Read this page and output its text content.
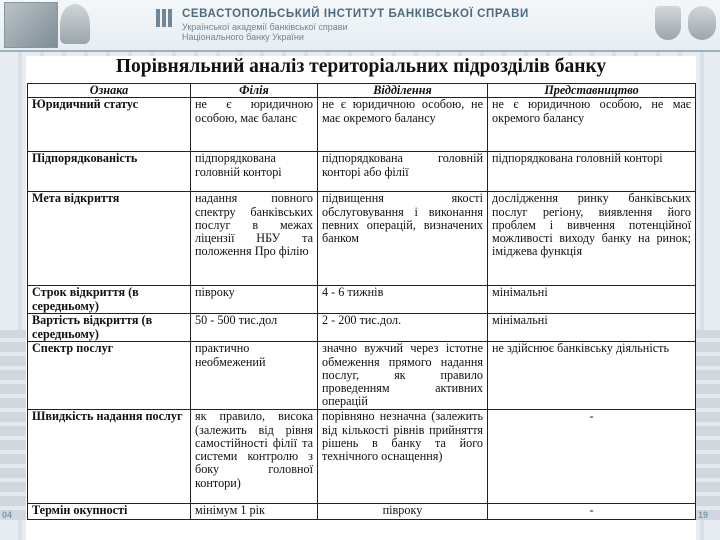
СЕВАСТОПОЛЬСЬКИЙ ІНСТИТУТ БАНКІВСЬКОЇ СПРАВИ
Української академії банківської справи
Національного банку України
Порівняльний аналіз територіальних підрозділів банку
Ознака	Філія	Відділення	Представництво
Юридичний статус	не є юридичною особою, має баланс	не є юридичною особою, не має окремого балансу	не є юридичною особою, не має окремого балансу
Підпорядкованість	підпорядкована головній конторі	підпорядкована головній конторі або філії	підпорядкована головній конторі
Мета відкриття	надання повного спектру банківських послуг в межах ліцензії НБУ та положення Про філію	підвищення якості обслуговування і виконання певних операцій, визначених банком	дослідження ринку банківських послуг регіону, виявлення його проблем і вивчення потенційної можливості виходу банку на ринок; іміджева функція
Строк відкриття (в середньому)	півроку	4 - 6 тижнів	мінімальні
Вартість відкриття (в середньому)	50 - 500 тис.дол	2 - 200 тис.дол.	мінімальні
Спектр послуг	практично необмежений	значно вужчий через істотне обмеження прямого надання послуг, як правило проведенням активних операцій	не здійснює банківську діяльність
Швидкість надання послуг	як правило, висока (залежить від рівня самостійності філії та системи контролю з боку головної контори)	порівняно незначна (залежить від кількості рівнів прийняття рішень в банку та його технічного оснащення)	-
Термін окупності	мінімум 1 рік	півроку	-
04	19
